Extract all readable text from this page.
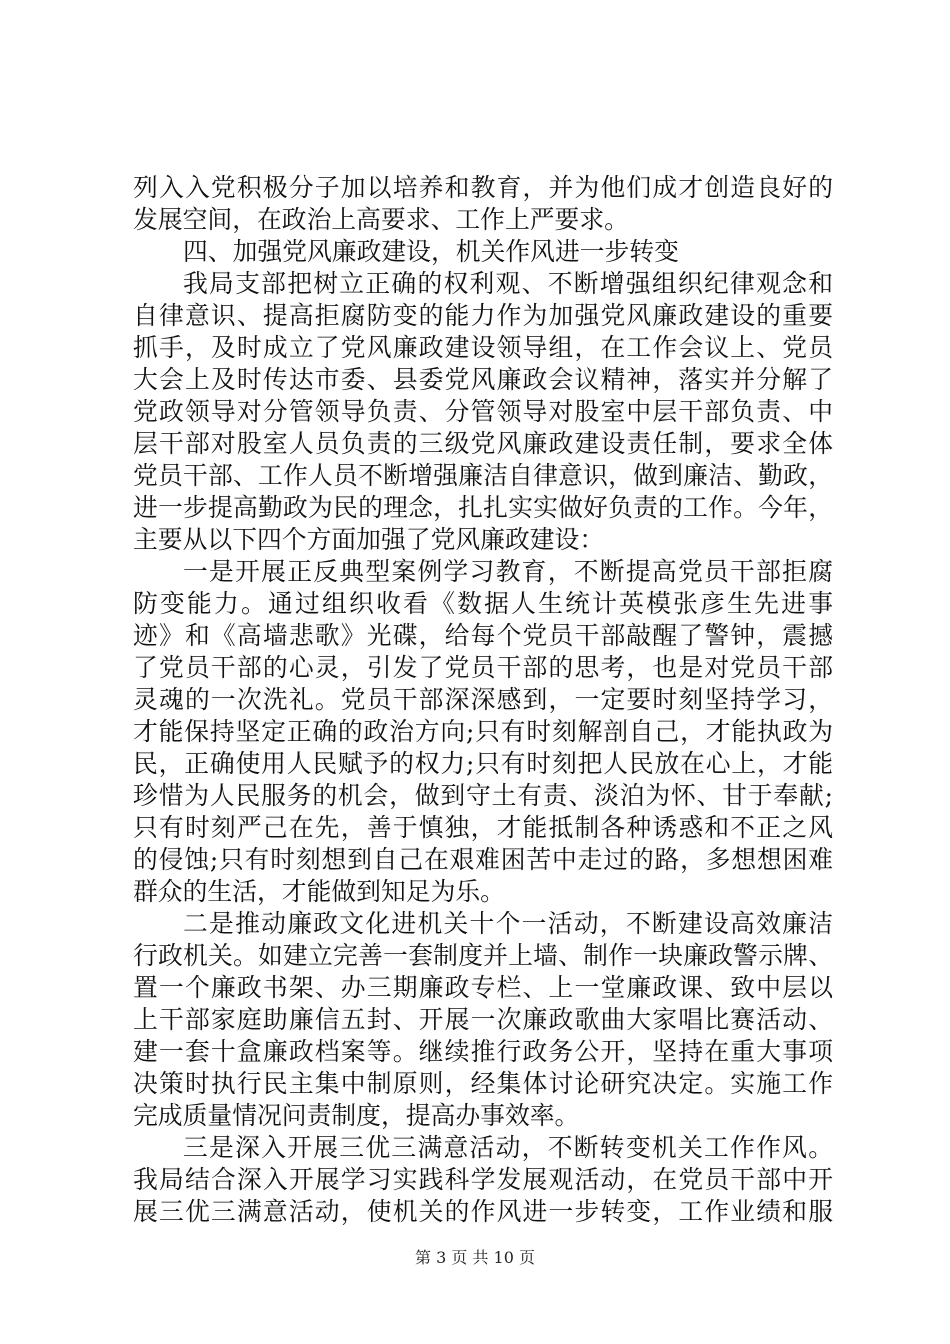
列入入党积极分子加以培养和教育，并为他们成才创造良好的
发展空间，在政治上高要求、工作上严要求。
四、加强党风廉政建设，机关作风进一步转变
我局支部把树立正确的权利观、不断增强组织纪律观念和
自律意识、提高拒腐防变的能力作为加强党风廉政建设的重要
抓手，及时成立了党风廉政建设领导组，在工作会议上、党员
大会上及时传达市委、县委党风廉政会议精神，落实并分解了
党政领导对分管领导负责、分管领导对股室中层干部负责、中
层干部对股室人员负责的三级党风廉政建设责任制，要求全体
党员干部、工作人员不断增强廉洁自律意识，做到廉洁、勤政，
进一步提高勤政为民的理念，扎扎实实做好负责的工作。今年，
主要从以下四个方面加强了党风廉政建设：
一是开展正反典型案例学习教育，不断提高党员干部拒腐
防变能力。通过组织收看《数据人生统计英模张彦生先进事
迹》和《高墙悲歌》光碟，给每个党员干部敲醒了警钟，震撼
了党员干部的心灵，引发了党员干部的思考，也是对党员干部
灵魂的一次洗礼。党员干部深深感到，一定要时刻坚持学习，
才能保持坚定正确的政治方向;只有时刻解剖自己，才能执政为
民，正确使用人民赋予的权力;只有时刻把人民放在心上，才能
珍惜为人民服务的机会，做到守土有责、淡泊为怀、甘于奉献;
只有时刻严己在先，善于慎独，才能抵制各种诱惑和不正之风
的侵蚀;只有时刻想到自己在艰难困苦中走过的路，多想想困难
群众的生活，才能做到知足为乐。
二是推动廉政文化进机关十个一活动，不断建设高效廉洁
行政机关。如建立完善一套制度并上墙、制作一块廉政警示牌、
置一个廉政书架、办三期廉政专栏、上一堂廉政课、致中层以
上干部家庭助廉信五封、开展一次廉政歌曲大家唱比赛活动、
建一套十盒廉政档案等。继续推行政务公开，坚持在重大事项
决策时执行民主集中制原则，经集体讨论研究决定。实施工作
完成质量情况问责制度，提高办事效率。
三是深入开展三优三满意活动，不断转变机关工作作风。
我局结合深入开展学习实践科学发展观活动，在党员干部中开
展三优三满意活动，使机关的作风进一步转变，工作业绩和服
第 3 页 共 10 页
